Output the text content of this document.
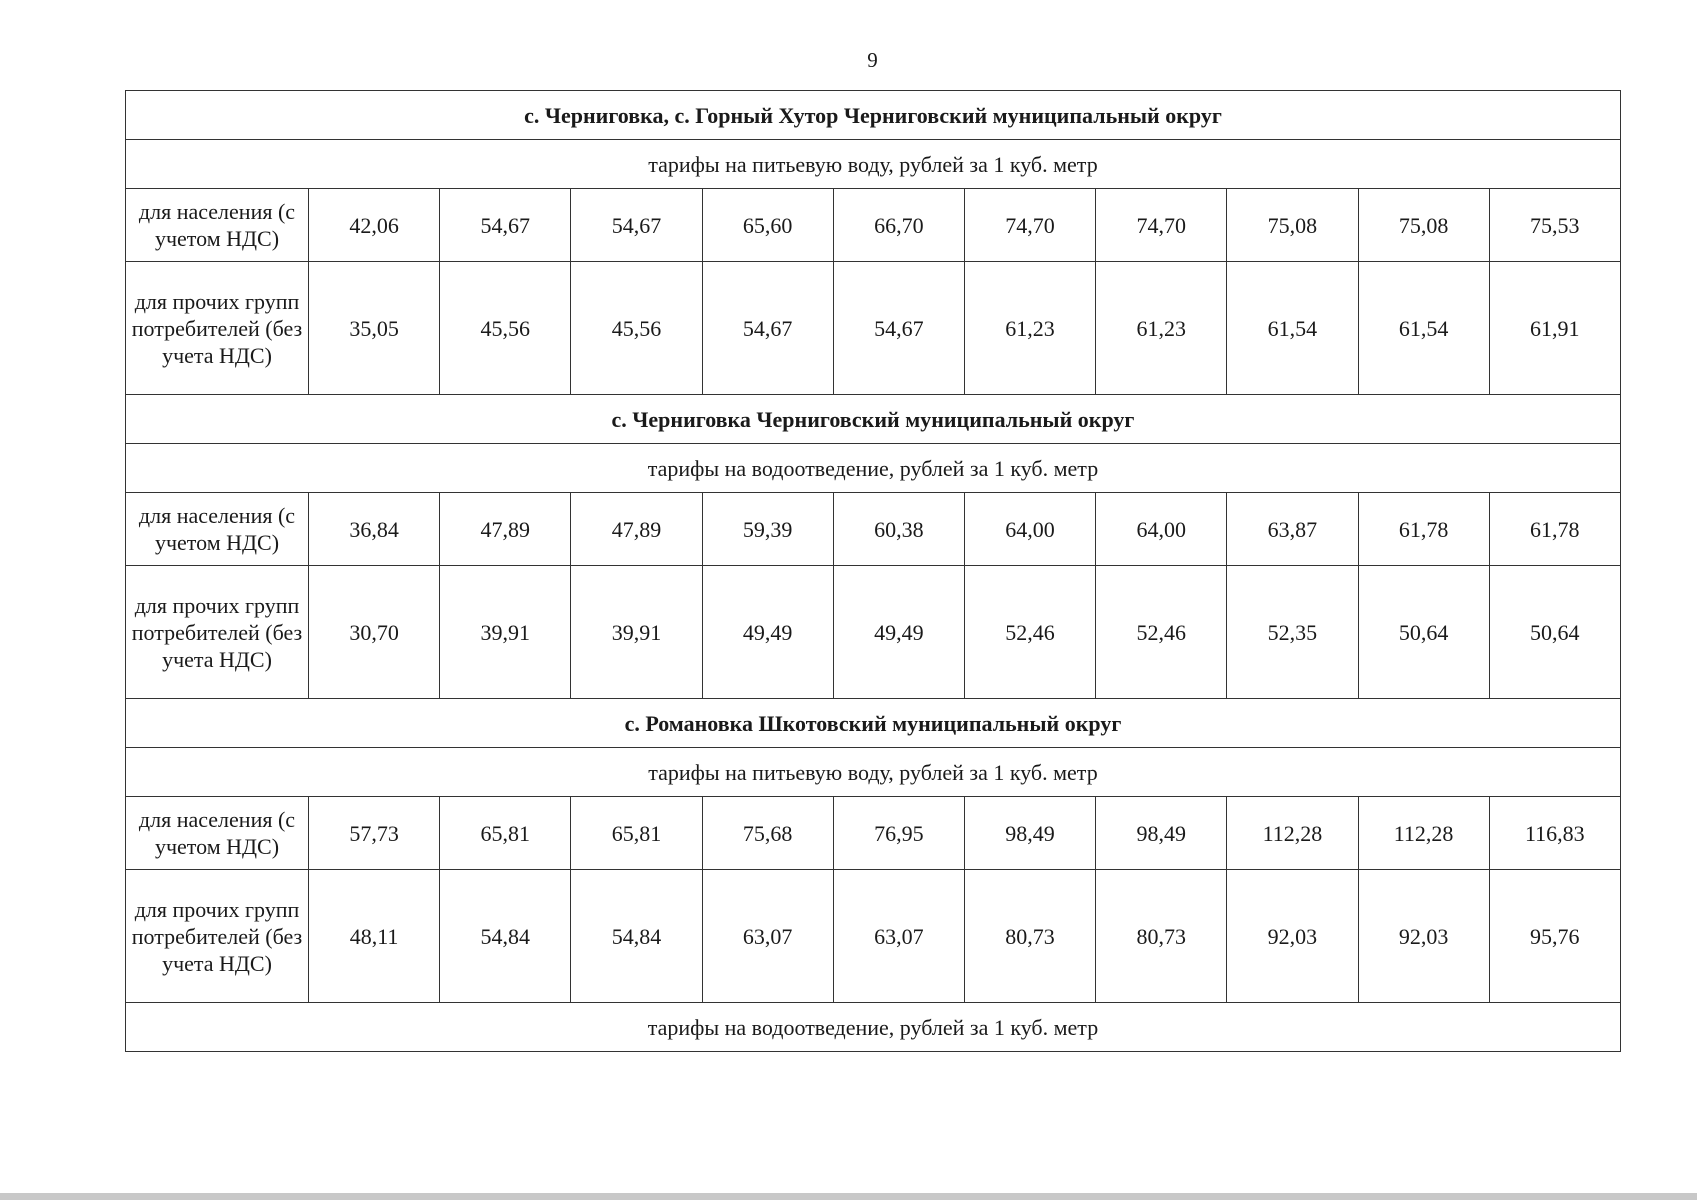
9
с. Черниговка, с. Горный Хутор Черниговский муниципальный округ										
тарифы на питьевую воду, рублей за 1 куб. метр										
для населения (с учетом НДС)	42,06	54,67	54,67	65,60	66,70	74,70	74,70	75,08	75,08	75,53
для прочих групп потребителей (без учета НДС)	35,05	45,56	45,56	54,67	54,67	61,23	61,23	61,54	61,54	61,91
с. Черниговка Черниговский муниципальный округ										
тарифы на водоотведение, рублей за 1 куб. метр										
для населения (с учетом НДС)	36,84	47,89	47,89	59,39	60,38	64,00	64,00	63,87	61,78	61,78
для прочих групп потребителей (без учета НДС)	30,70	39,91	39,91	49,49	49,49	52,46	52,46	52,35	50,64	50,64
с. Романовка Шкотовский муниципальный округ										
тарифы на питьевую воду, рублей за 1 куб. метр										
для населения (с учетом НДС)	57,73	65,81	65,81	75,68	76,95	98,49	98,49	112,28	112,28	116,83
для прочих групп потребителей (без учета НДС)	48,11	54,84	54,84	63,07	63,07	80,73	80,73	92,03	92,03	95,76
тарифы на водоотведение, рублей за 1 куб. метр										
